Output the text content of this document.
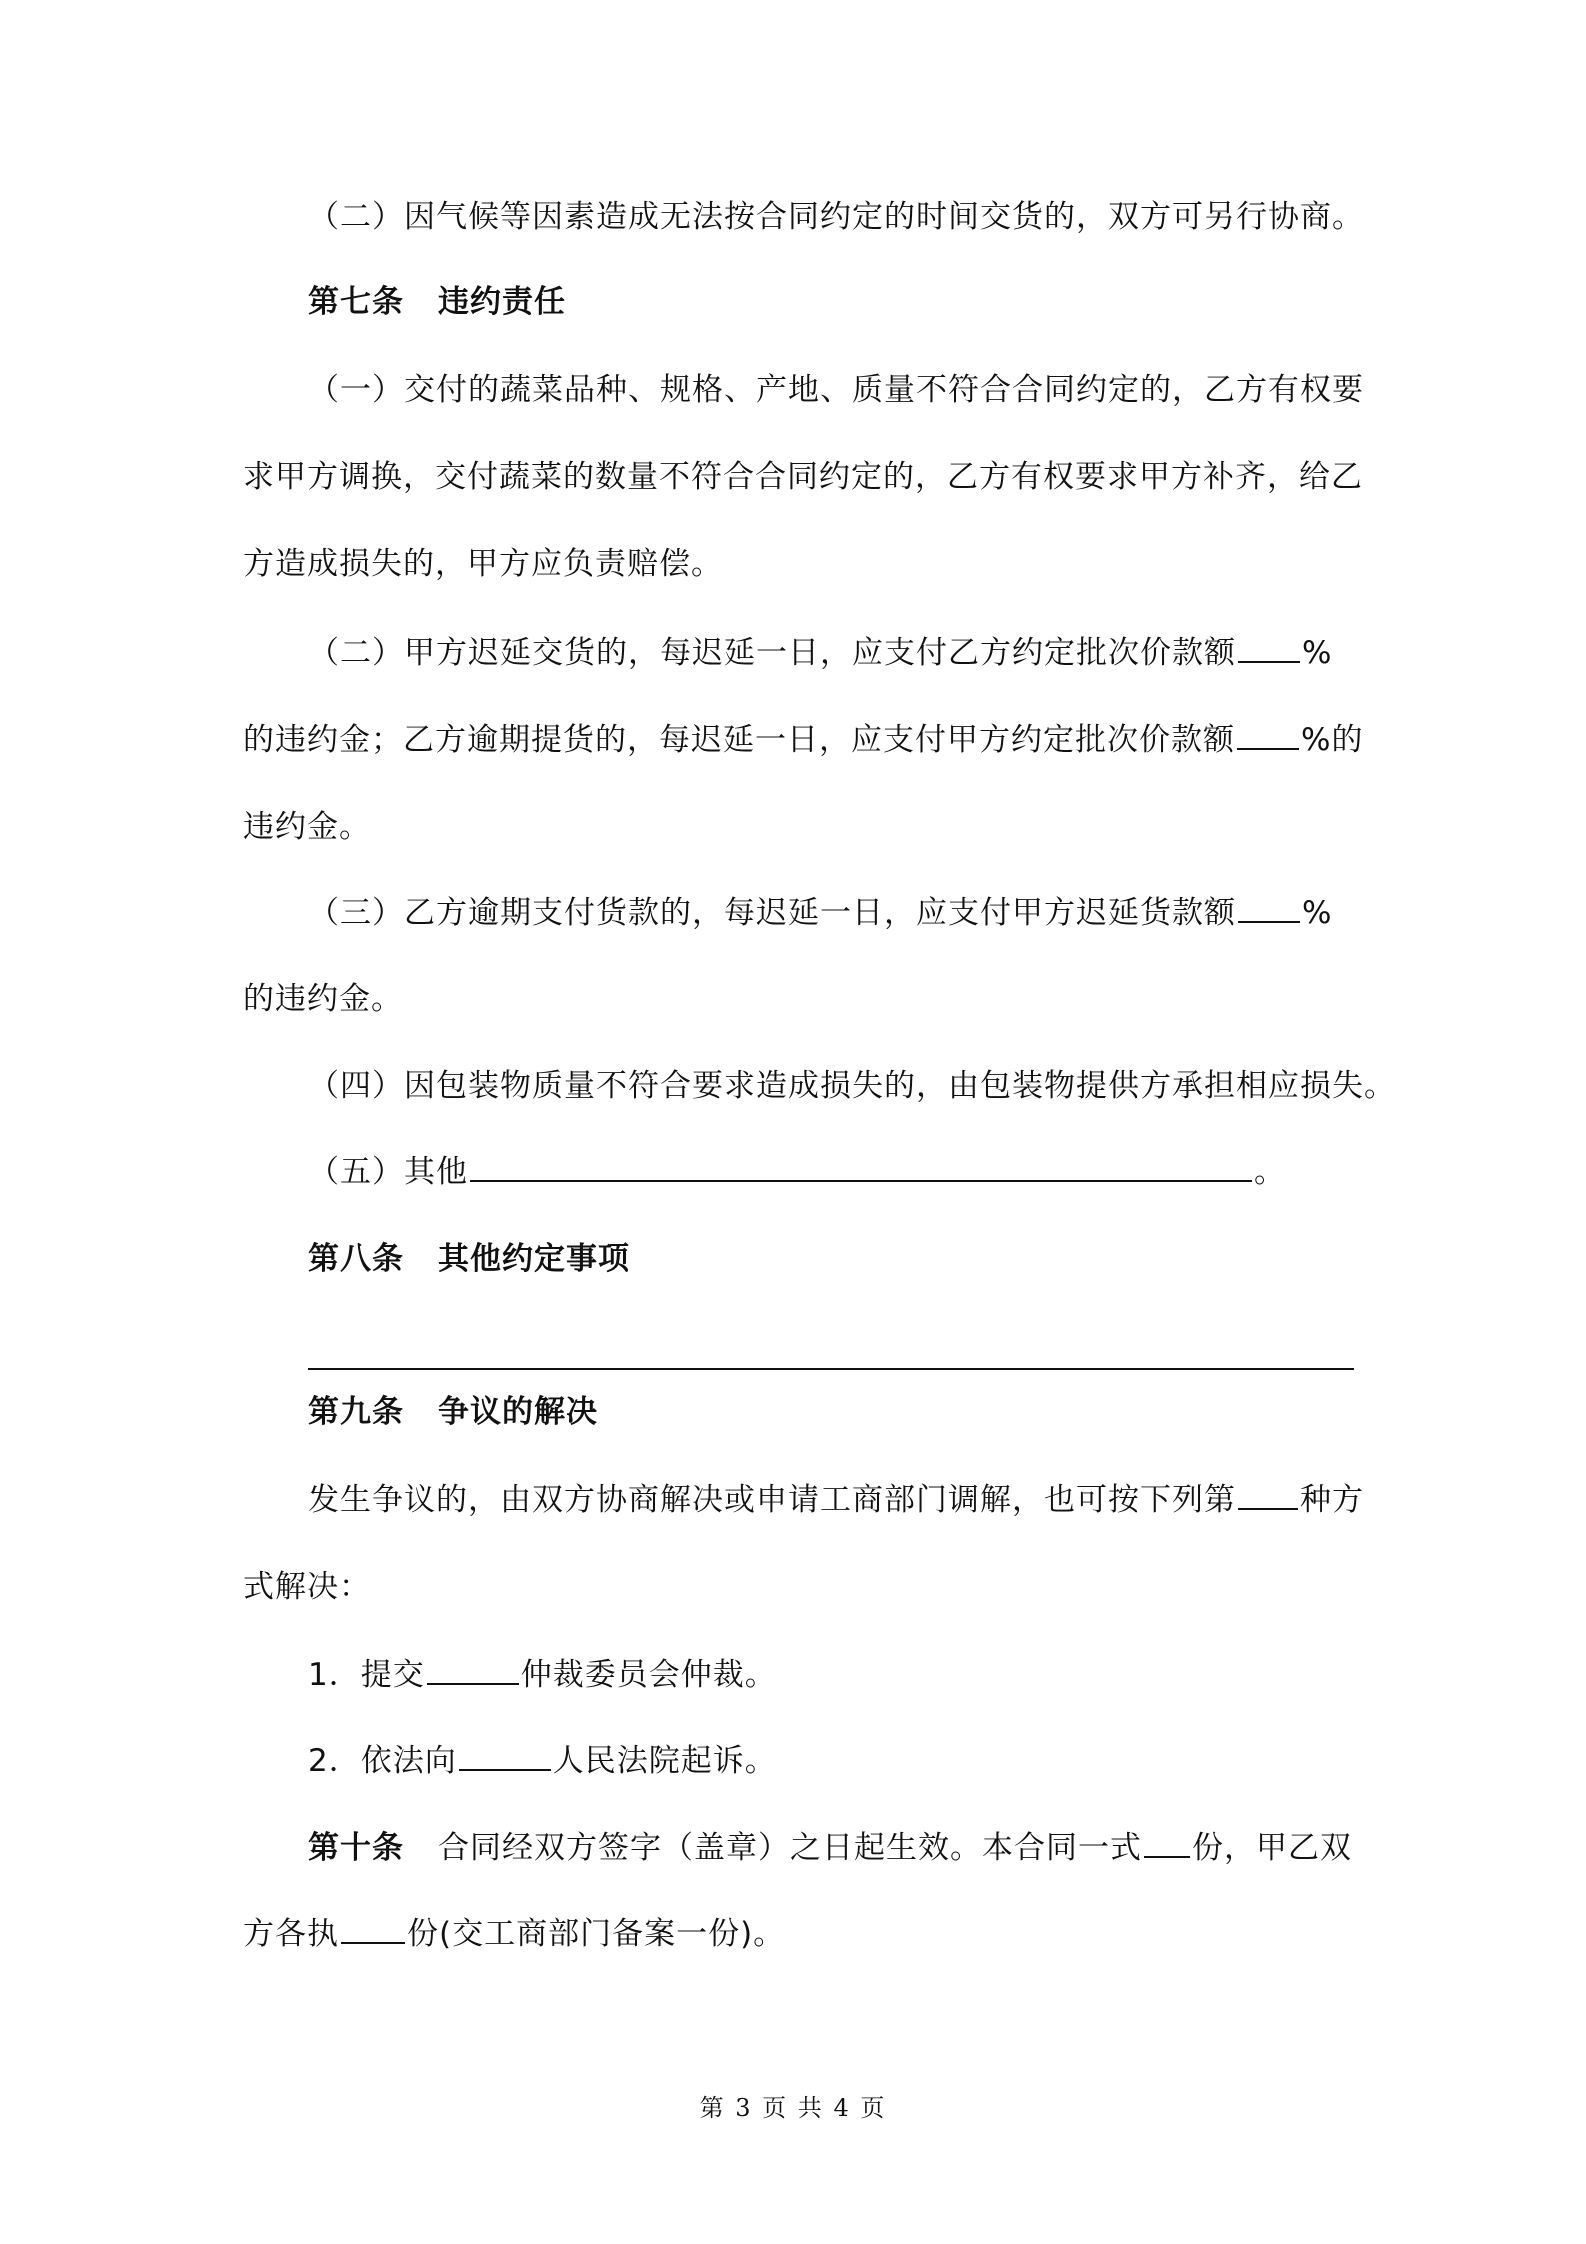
（二）因气候等因素造成无法按合同约定的时间交货的，双方可另行协商。
第七条 违约责任
（一）交付的蔬菜品种、规格、产地、质量不符合合同约定的，乙方有权要
求甲方调换，交付蔬菜的数量不符合合同约定的，乙方有权要求甲方补齐，给乙
方造成损失的，甲方应负责赔偿。
（二）甲方迟延交货的，每迟延一日，应支付乙方约定批次价款额 %
的违约金；乙方逾期提货的，每迟延一日，应支付甲方约定批次价款额 %的
违约金。
（三）乙方逾期支付货款的，每迟延一日，应支付甲方迟延货款额 %
的违约金。
（四）因包装物质量不符合要求造成损失的，由包装物提供方承担相应损失。
（五）其他	。
第八条 其他约定事项
第九条 争议的解决
发生争议的，由双方协商解决或申请工商部门调解，也可按下列第 种方
式解决：
1．提交	仲裁委员会仲裁。
2．依法向	人民法院起诉。
第十条 合同经双方签字（盖章）之日起生效。本合同一式 份，甲乙双
方各执 份(交工商部门备案一份)。
第 3 页 共 4 页
